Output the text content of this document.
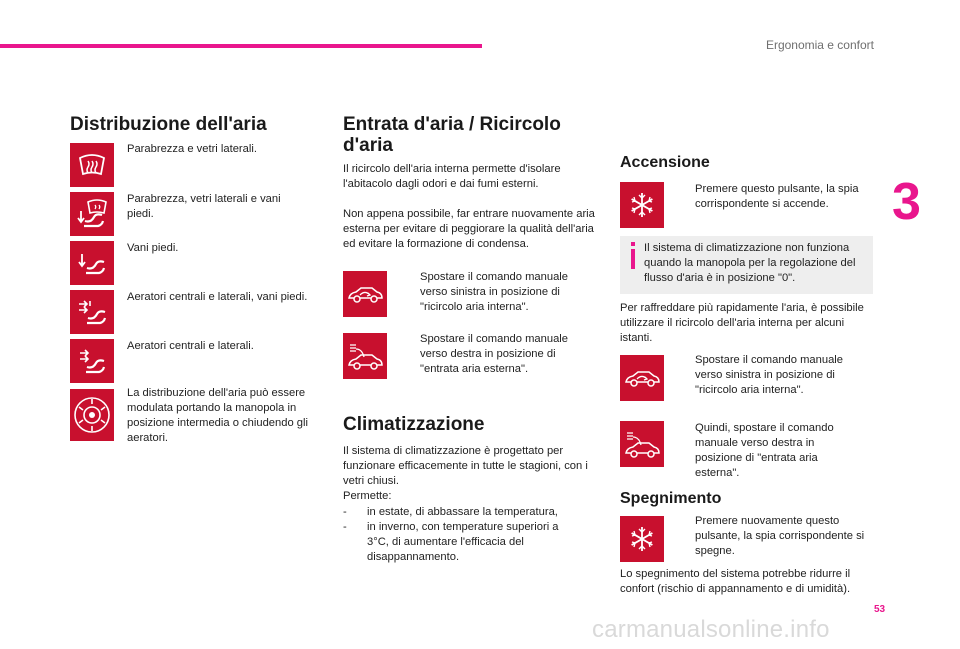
Ergonomia e confort
3
Distribuzione dell'aria
Parabrezza e vetri laterali.
Parabrezza, vetri laterali e vani piedi.
Vani piedi.
Aeratori centrali e laterali, vani piedi.
Aeratori centrali e laterali.
La distribuzione dell'aria può essere modulata portando la manopola in posizione intermedia o chiudendo gli aeratori.
Entrata d'aria / Ricircolo d'aria
Il ricircolo dell'aria interna permette d'isolare l'abitacolo dagli odori e dai fumi esterni.
Non appena possibile, far entrare nuovamente aria esterna per evitare di peggiorare la qualità dell'aria ed evitare la formazione di condensa.
Spostare il comando manuale verso sinistra in posizione di "ricircolo aria interna".
Spostare il comando manuale verso destra in posizione di "entrata aria esterna".
Climatizzazione
Il sistema di climatizzazione è progettato per funzionare efficacemente in tutte le stagioni, con i vetri chiusi.
Permette:
- in estate, di abbassare la temperatura,
- in inverno, con temperature superiori a 3°C, di aumentare l'efficacia del disappannamento.
Accensione
Premere questo pulsante, la spia corrispondente si accende.
Il sistema di climatizzazione non funziona quando la manopola per la regolazione del flusso d'aria è in posizione "0".
Per raffreddare più rapidamente l'aria, è possibile utilizzare il ricircolo dell'aria interna per alcuni istanti.
Spostare il comando manuale verso sinistra in posizione di "ricircolo aria interna".
Quindi, spostare il comando manuale verso destra in posizione di "entrata aria esterna".
Spegnimento
Premere nuovamente questo pulsante, la spia corrispondente si spegne.
Lo spegnimento del sistema potrebbe ridurre il confort (rischio di appannamento e di umidità).
53
carmanualsonline.info
